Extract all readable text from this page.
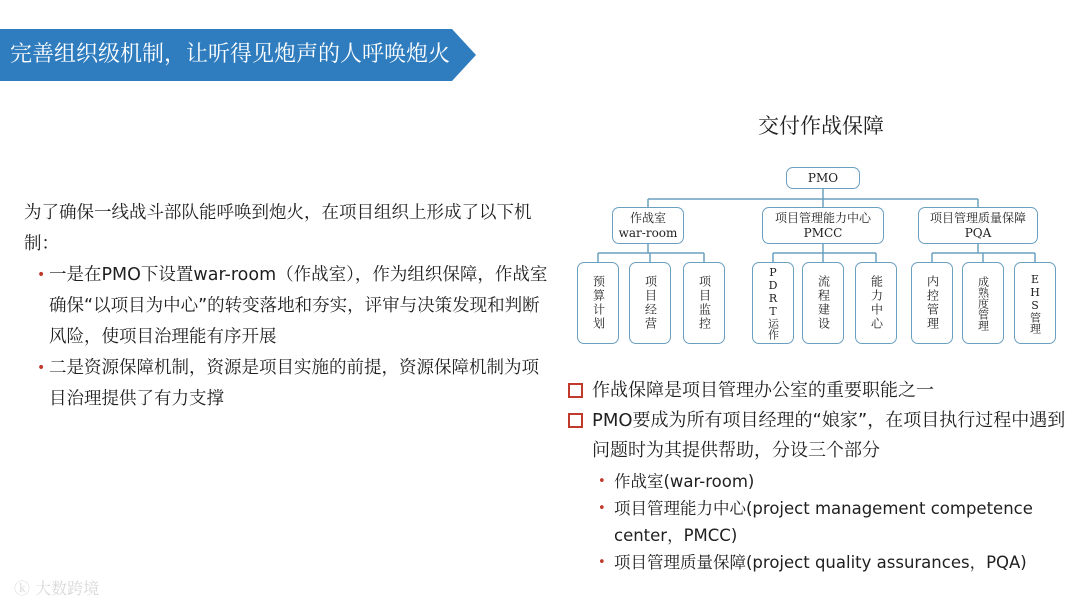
完善组织级机制，让听得见炮声的人呼唤炮火

为了确保一线战斗部队能呼唤到炮火，在项目组织上形成了以下机制：

• 一是在PMO下设置war-room（作战室），作为组织保障，作战室确保“以项目为中心”的转变落地和夯实，评审与决策发现和判断风险，使项目治理能有序开展
• 二是资源保障机制，资源是项目实施的前提，资源保障机制为项目治理提供了有力支撑
交付作战保障
PMO
作战室
war-room
项目管理能力中心
PMCC
项目管理质量保障
PQA
预算计划	项目经营	项目监控	PDRT运作	流程建设	能力中心	内控管理	成熟度管理	EHS管理

作战保障是项目管理办公室的重要职能之一

PMO要成为所有项目经理的“娘家”，在项目执行过程中遇到问题时为其提供帮助，分设三个部分

• 作战室(war-room)
• 项目管理能力中心(project management competence center，PMCC)
• 项目管理质量保障(project quality assurances，PQA)
ⓚ 大数跨境
